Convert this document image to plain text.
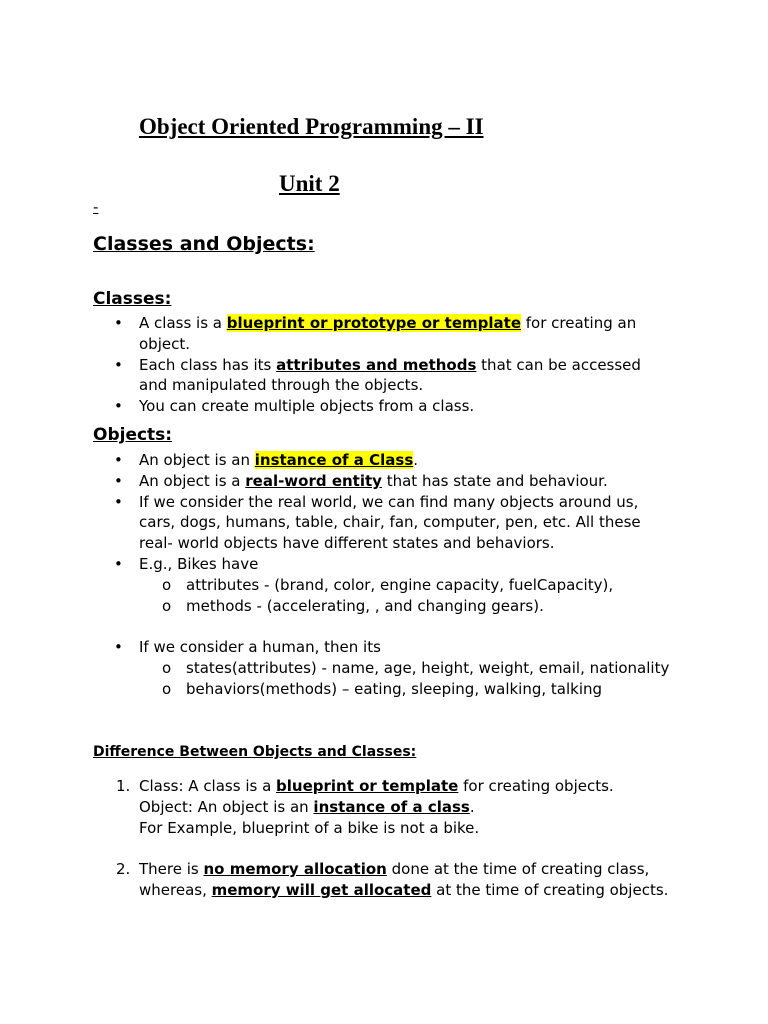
Object Oriented Programming – II
Unit 2
-
Classes and Objects:
Classes:
• A class is a blueprint or prototype or template for creating an object.
• Each class has its attributes and methods that can be accessed and manipulated through the objects.
• You can create multiple objects from a class.
Objects:
• An object is an instance of a Class.
• An object is a real-word entity that has state and behaviour.
• If we consider the real world, we can find many objects around us, cars, dogs, humans, table, chair, fan, computer, pen, etc. All these real- world objects have different states and behaviors.
• E.g., Bikes have
o attributes - (brand, color, engine capacity, fuelCapacity),
o methods - (accelerating, , and changing gears).
• If we consider a human, then its
o states(attributes) - name, age, height, weight, email, nationality
o behaviors(methods) – eating, sleeping, walking, talking
Difference Between Objects and Classes:
1. Class: A class is a blueprint or template for creating objects.
Object: An object is an instance of a class.
For Example, blueprint of a bike is not a bike.
2. There is no memory allocation done at the time of creating class, whereas, memory will get allocated at the time of creating objects.
